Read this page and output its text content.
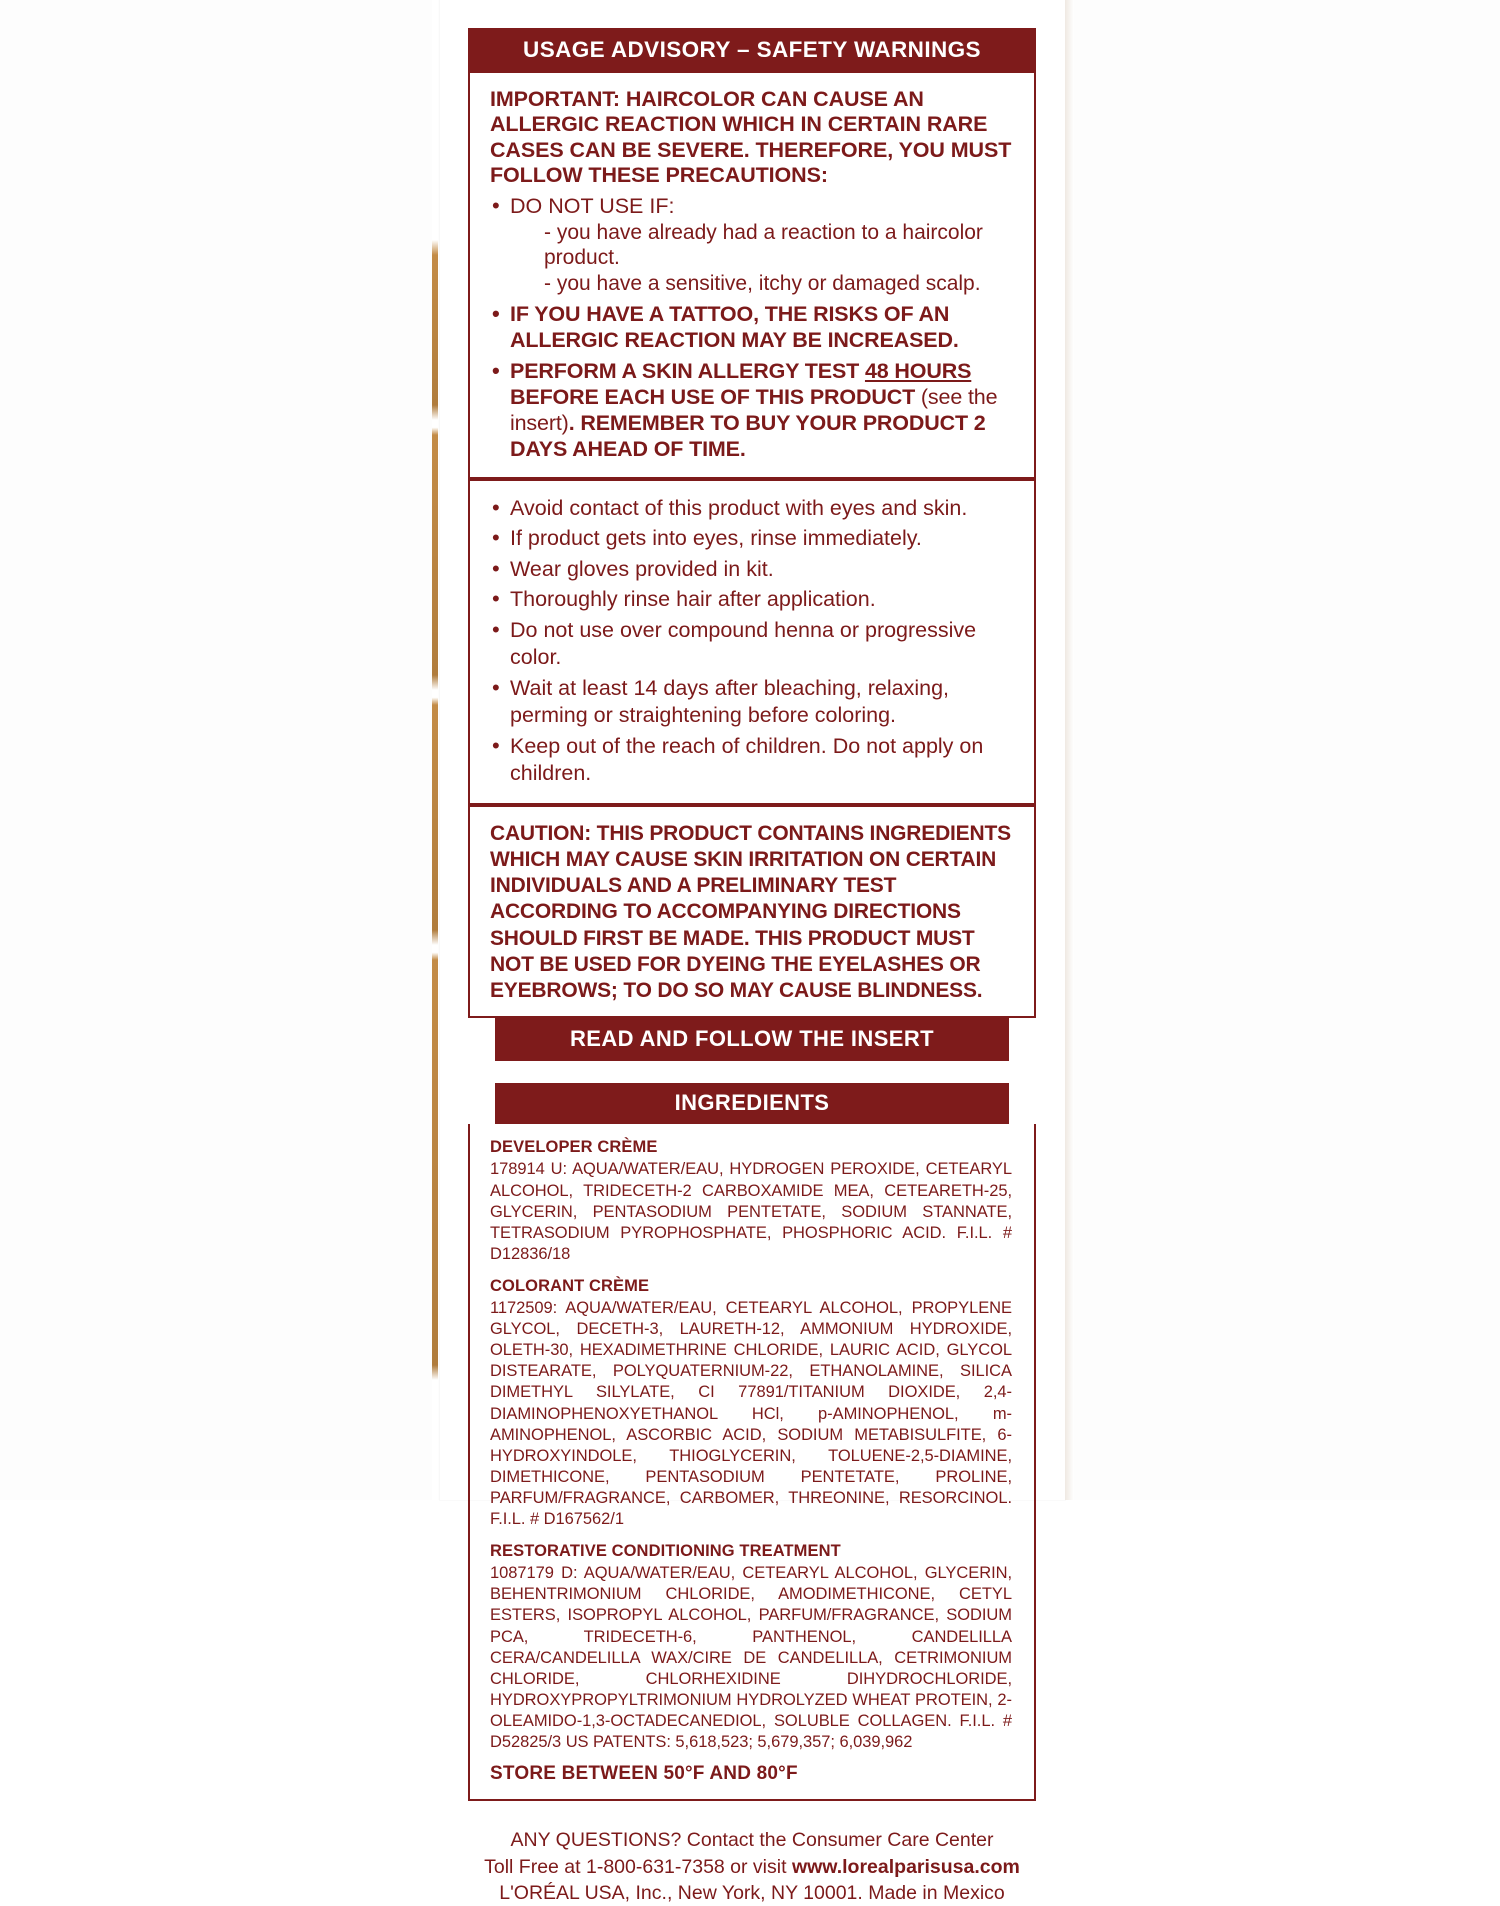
USAGE ADVISORY – SAFETY WARNINGS

IMPORTANT: HAIRCOLOR CAN CAUSE AN ALLERGIC REACTION WHICH IN CERTAIN RARE CASES CAN BE SEVERE. THEREFORE, YOU MUST FOLLOW THESE PRECAUTIONS:

• DO NOT USE IF:
- you have already had a reaction to a haircolor product.
- you have a sensitive, itchy or damaged scalp.
• IF YOU HAVE A TATTOO, THE RISKS OF AN ALLERGIC REACTION MAY BE INCREASED.
• PERFORM A SKIN ALLERGY TEST 48 HOURS BEFORE EACH USE OF THIS PRODUCT (see the insert). REMEMBER TO BUY YOUR PRODUCT 2 DAYS AHEAD OF TIME.
• Avoid contact of this product with eyes and skin.
• If product gets into eyes, rinse immediately.
• Wear gloves provided in kit.
• Thoroughly rinse hair after application.
• Do not use over compound henna or progressive color.
• Wait at least 14 days after bleaching, relaxing, perming or straightening before coloring.
• Keep out of the reach of children. Do not apply on children.

CAUTION: THIS PRODUCT CONTAINS INGREDIENTS WHICH MAY CAUSE SKIN IRRITATION ON CERTAIN INDIVIDUALS AND A PRELIMINARY TEST ACCORDING TO ACCOMPANYING DIRECTIONS SHOULD FIRST BE MADE. THIS PRODUCT MUST NOT BE USED FOR DYEING THE EYELASHES OR EYEBROWS; TO DO SO MAY CAUSE BLINDNESS.

READ AND FOLLOW THE INSERT
INGREDIENTS

DEVELOPER CRÈME

178914 U: AQUA/WATER/EAU, HYDROGEN PEROXIDE, CETEARYL ALCOHOL, TRIDECETH-2 CARBOXAMIDE MEA, CETEARETH-25, GLYCERIN, PENTASODIUM PENTETATE, SODIUM STANNATE, TETRASODIUM PYROPHOSPHATE, PHOSPHORIC ACID. F.I.L. # D12836/18

COLORANT CRÈME

1172509: AQUA/WATER/EAU, CETEARYL ALCOHOL, PROPYLENE GLYCOL, DECETH-3, LAURETH-12, AMMONIUM HYDROXIDE, OLETH-30, HEXADIMETHRINE CHLORIDE, LAURIC ACID, GLYCOL DISTEARATE, POLYQUATERNIUM-22, ETHANOLAMINE, SILICA DIMETHYL SILYLATE, CI 77891/TITANIUM DIOXIDE, 2,4-DIAMINOPHENOXYETHANOL HCl, p-AMINOPHENOL, m-AMINOPHENOL, ASCORBIC ACID, SODIUM METABISULFITE, 6-HYDROXYINDOLE, THIOGLYCERIN, TOLUENE-2,5-DIAMINE, DIMETHICONE, PENTASODIUM PENTETATE, PROLINE, PARFUM/FRAGRANCE, CARBOMER, THREONINE, RESORCINOL. F.I.L. # D167562/1

RESTORATIVE CONDITIONING TREATMENT

1087179 D: AQUA/WATER/EAU, CETEARYL ALCOHOL, GLYCERIN, BEHENTRIMONIUM CHLORIDE, AMODIMETHICONE, CETYL ESTERS, ISOPROPYL ALCOHOL, PARFUM/FRAGRANCE, SODIUM PCA, TRIDECETH-6, PANTHENOL, CANDELILLA CERA/CANDELILLA WAX/CIRE DE CANDELILLA, CETRIMONIUM CHLORIDE, CHLORHEXIDINE DIHYDROCHLORIDE, HYDROXYPROPYLTRIMONIUM HYDROLYZED WHEAT PROTEIN, 2-OLEAMIDO-1,3-OCTADECANEDIOL, SOLUBLE COLLAGEN. F.I.L. # D52825/3 US PATENTS: 5,618,523; 5,679,357; 6,039,962

STORE BETWEEN 50°F AND 80°F

ANY QUESTIONS? Contact the Consumer Care Center
Toll Free at 1-800-631-7358 or visit www.lorealparisusa.com
L'ORÉAL USA, Inc., New York, NY 10001. Made in Mexico
